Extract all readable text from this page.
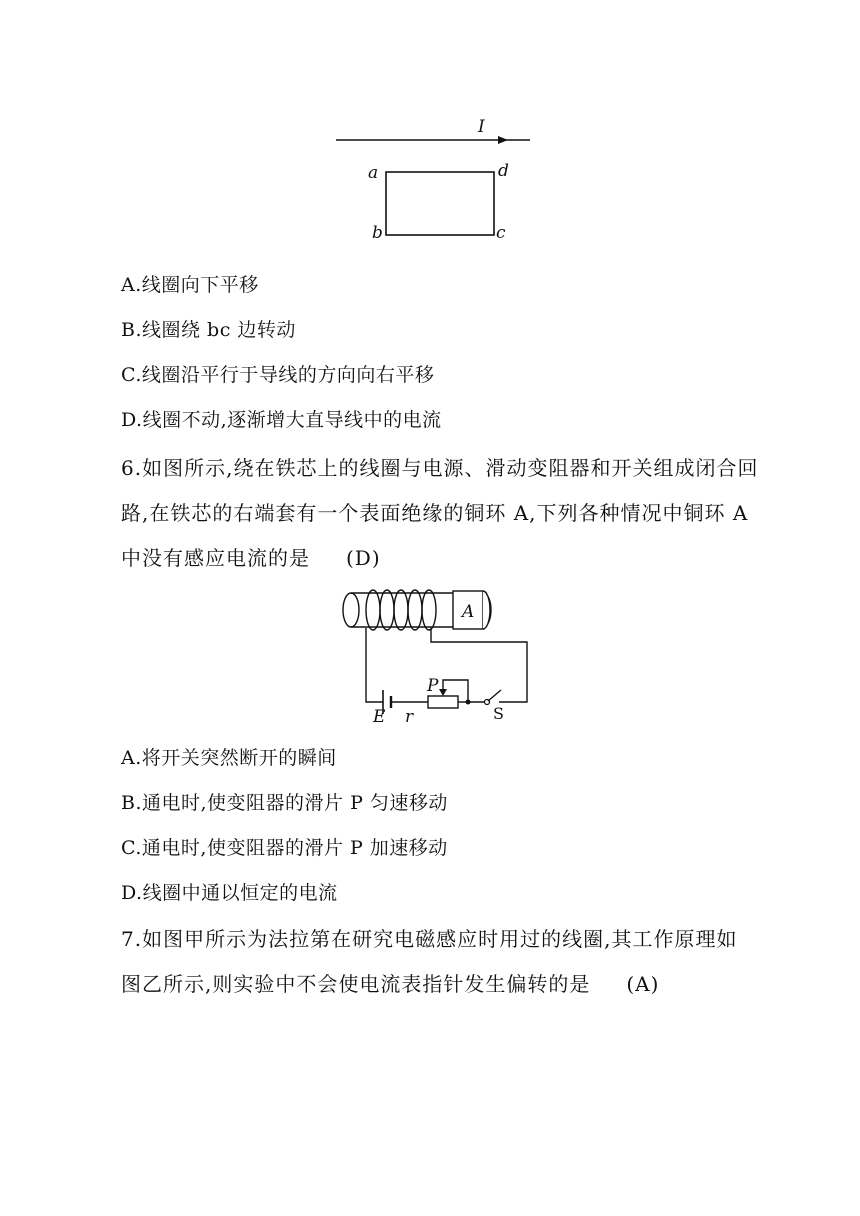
I
a	d
b	c
A.线圈向下平移
B.线圈绕 bc 边转动
C.线圈沿平行于导线的方向向右平移
D.线圈不动,逐渐增大直导线中的电流
6.如图所示,绕在铁芯上的线圈与电源、滑动变阻器和开关组成闭合回
路,在铁芯的右端套有一个表面绝缘的铜环 A,下列各种情况中铜环 A
中没有感应电流的是 (D)
A
E r
P
S
A.将开关突然断开的瞬间
B.通电时,使变阻器的滑片 P 匀速移动
C.通电时,使变阻器的滑片 P 加速移动
D.线圈中通以恒定的电流
7.如图甲所示为法拉第在研究电磁感应时用过的线圈,其工作原理如
图乙所示,则实验中不会使电流表指针发生偏转的是 (A)
